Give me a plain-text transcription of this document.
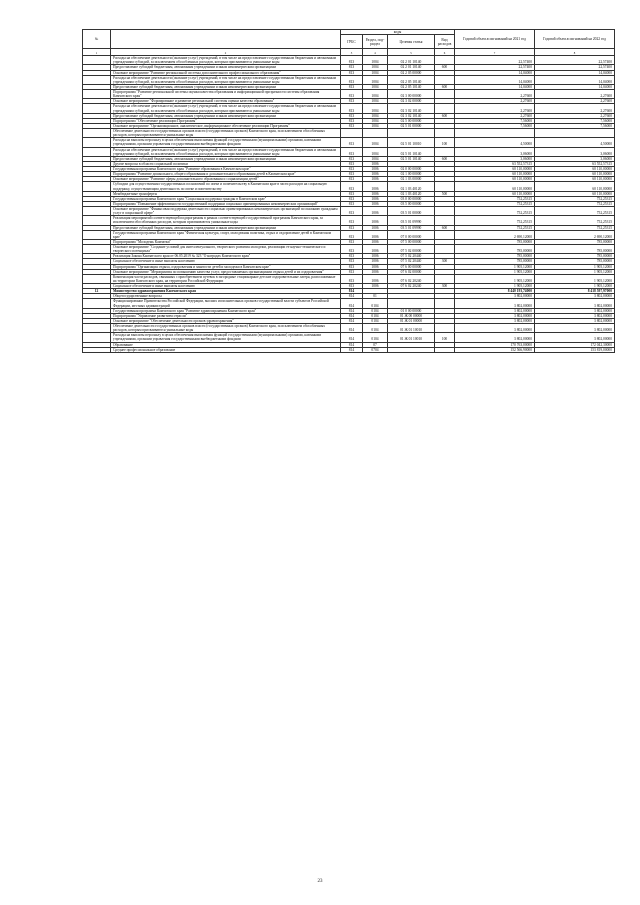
№		коды				Годовой объем ассигнований на 2021 год	Годовой объем ассигнований на 2022 год
		ГРБС	Раздел, под-раздел	Целевая статья	Вид расходов		
1	2	3	4	5	6	7	8
	Расходы на обеспечение деятельности (оказание услуг) учреждений, в том числе на предоставление государственным бюджетным и автономным учреждениям субсидий, за исключением обособленных расходов, которым присваиваются уникальные коды	813	1004	02 2 01 10140		22,57400	22,57400
	Предоставление субсидий бюджетным, автономным учреждениям и иным некоммерческим организациям	813	1004	02 2 01 10140	600	22,57400	22,57400
	Основное мероприятие "Развитие региональной системы дополнительного профессионального образования"	813	1004	02 2 05 00000		14,04000	14,04000
	Расходы на обеспечение деятельности (оказание услуг) учреждений, в том числе на предоставление государственным бюджетным и автономным учреждениям субсидий, за исключением обособленных расходов, которым присваиваются уникальные коды	813	1004	02 2 05 10140		14,04000	14,04000
	Предоставление субсидий бюджетным, автономным учреждениям и иным некоммерческим организациям	813	1004	02 2 05 10140	600	14,04000	14,04000
	Подпрограмма "Развитие региональной системы оценки качества образования и информационной прозрачности системы образования Камчатского края"	813	1004	02 3 00 00000		2,27600	2,27600
	Основное мероприятие "Формирование и развитие региональной системы оценки качества образования"	813	1004	02 3 02 00000		2,27600	2,27600
	Расходы на обеспечение деятельности (оказание услуг) учреждений, в том числе на предоставление государственным бюджетным и автономным учреждениям субсидий, за исключением обособленных расходов, которым присваиваются уникальные коды	813	1004	02 3 02 10140		2,27600	2,27600
	Предоставление субсидий бюджетным, автономным учреждениям и иным некоммерческим организациям	813	1004	02 3 02 10140	600	2,27600	2,27600
	Подпрограмма "Обеспечение реализации Программы"	813	1004	02 5 00 00000		7,56000	7,56000
	Основное мероприятие "Организационное, аналитическое, информационное обеспечение реализации Программы"	813	1004	02 5 01 00000		7,56000	7,56000
	Обеспечение деятельности государственных органов власти (государственных органов) Камчатского края, за исключением обособленных расходов, которым присваиваются уникальные коды						
	Расходы на выплаты персоналу в целях обеспечения выполнения функций государственными (муниципальными) органами, казенными учреждениями, органами управления государственными внебюджетными фондами	813	1004	02 5 01 10010	100	4,50000	4,50000
	Расходы на обеспечение деятельности (оказание услуг) учреждений, в том числе на предоставление государственным бюджетным и автономным учреждениям субсидий, за исключением обособленных расходов, которым присваиваются уникальные коды	813	1004	02 5 01 10140		3,06000	3,06000
	Предоставление субсидий бюджетным, автономным учреждениям и иным некоммерческим организациям	813	1004	02 5 01 10140	600	3,06000	3,06000
	Другие вопросы в области социальной политики	813	1006			63 552,57315	63 552,57315
	Государственная программа Камчатского края "Развитие образования в Камчатском крае"	813	1006	02 0 00 00000		60 110,00000	60 110,00000
	Подпрограмма "Развитие дошкольного, общего образования и дополнительного образования детей в Камчатском крае"	813	1006	02 1 00 00000		60 110,00000	60 110,00000
	Основное мероприятие "Развитие сферы дополнительного образования и социализации детей"	813	1006	02 1 03 00000		60 110,00000	60 110,00000
	Субсидии для осуществления государственных полномочий по опеке и попечительству в Камчатском крае в части расходов на социальную поддержку, осуществляющим деятельность по опеке и попечительству	813	1006	02 1 03 40120		60 110,00000	60 110,00000
	Межбюджетные трансферты	813	1006	02 1 03 40120	500	60 110,00000	60 110,00000
	Государственная программа Камчатского края "Социальная поддержка граждан в Камчатском крае"	813	1006	03 0 00 00000		752,25315	752,25315
	Подпрограмма "Повышение эффективности государственной поддержки социально ориентированных некоммерческих организаций"	813	1006	03 5 00 00000		752,25315	752,25315
	Основное мероприятие "Финансовая поддержка деятельности социально ориентированных некоммерческих организаций по оказанию гражданам услуг в социальной сфере"	813	1006	03 5 01 00000		752,25315	752,25315
	Реализация мероприятий соответствующей подпрограммы в рамках соответствующей государственной программы Камчатского края, за исключением обособленных расходов, которым присваиваются уникальные коды	813	1006	03 5 01 09990		752,25315	752,25315
	Предоставление субсидий бюджетным, автономным учреждениям и иным некоммерческим организациям	813	1006	03 5 01 09990	600	752,25315	752,25315
	Государственная программа Камчатского края "Физическая культура, спорт, молодежная политика, отдых и оздоровление детей в Камчатском крае"	813	1006	07 0 00 00000		2 690,12000	2 690,12000
	Подпрограмма "Молодежь Камчатки"	813	1006	07 5 00 00000		785,00000	785,00000
	Основное мероприятие "Создание условий для интеллектуального, творческого развития молодежи, реализации ее научно-технического и творческого потенциала"	813	1006	07 5 02 00000		785,00000	785,00000
	Реализация Закона Камчатского края от 06.05.2019 № 323 "О наградах Камчатского края"	813	1006	07 5 02 20440		785,00000	785,00000
	Социальное обеспечение и иные выплаты населению	813	1006	07 5 02 20440	300	785,00000	785,00000
	Подпрограмма "Организация отдыха, оздоровления и занятости детей и молодежи в Камчатском крае"	813	1006	07 6 00 00000		1 905,12000	1 905,12000
	Основное мероприятие "Мероприятия по повышению качества услуг, предоставляемых организациями отдыха детей и их оздоровления"	813	1006	07 6 02 00000		1 905,12000	1 905,12000
	Компенсация части расходов, связанных с приобретением путевок в загородные стационарные детские оздоровительные лагеря, расположенные на территории Камчатского края, на территории Российской Федерации	813	1006	07 6 02 20240		1 905,12000	1 905,12000
	Социальное обеспечение и иные выплаты населению	813	1006	07 6 02 20240	300	1 905,12000	1 905,12000
12	Министерство здравоохранения Камчатского края	814				8 440 193,74000	8 418 597,97000
	Общегосударственные вопросы	814	01			3 802,00000	3 802,00000
	Функционирование Правительства Российской Федерации, высших исполнительных органов государственной власти субъектов Российской Федерации, местных администраций	814	0104			3 802,00000	3 802,00000
	Государственная программа Камчатского края "Развитие здравоохранения Камчатского края"	814	0104	01 0 00 00000		3 802,00000	3 802,00000
	Подпрограмма "Управление развитием отрасли"	814	0104	01 Ж 00 00000		3 802,00000	3 802,00000
	Основное мероприятие "Обеспечение деятельности органов здравоохранения"	814	0104	01 Ж 01 00000		3 802,00000	3 802,00000
	Обеспечение деятельности государственных органов власти (государственных органов) Камчатского края, за исключением обособленных расходов, которым присваиваются уникальные коды	814	0104	01 Ж 01 10010		3 802,00000	3 802,00000
	Расходы на выплаты персоналу в целях обеспечения выполнения функций государственными (муниципальными) органами, казенными учреждениями, органами управления государственными внебюджетными фондами	814	0104	01 Ж 01 10010	100	3 802,00000	3 802,00000
	Образование	814	07			170 763,00000	172 042,30000
	Среднее профессиональное образование	814	0704			152 566,90000	153 819,00000
23
